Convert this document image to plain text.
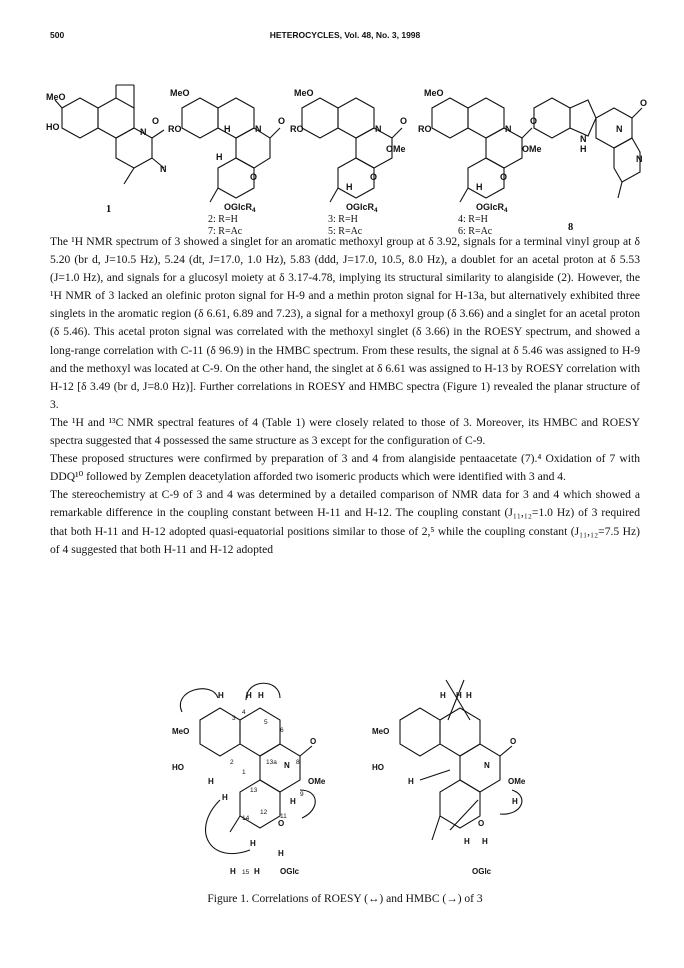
500	HETEROCYCLES, Vol. 48, No. 3, 1998
MeO
HO
O
N
N
1
MeO
RO	H	N
O
H
O
OGlcR$_4$
2: R=H
7: R=Ac
MeO
RO	N
O
OMe
H
O
OGlcR$_4$
3: R=H
5: R=Ac
MeO
RO	N
O
OMe
H
O
OGlcR$_4$
4: R=H
6: R=Ac
N
H
N
O
N
8

The ¹H NMR spectrum of 3 showed a singlet for an aromatic methoxyl group at δ 3.92, signals for a terminal vinyl group at δ 5.20 (br d, J=10.5 Hz), 5.24 (dt, J=17.0, 1.0 Hz), 5.83 (ddd, J=17.0, 10.5, 8.0 Hz), a doublet for an acetal proton at δ 5.53 (J=1.0 Hz), and signals for a glucosyl moiety at δ 3.17-4.78, implying its structural similarity to alangiside (2). However, the ¹H NMR of 3 lacked an olefinic proton signal for H-9 and a methin proton signal for H-13a, but alternatively exhibited three singlets in the aromatic region (δ 6.61, 6.89 and 7.23), a signal for a methoxyl group (δ 3.66) and a singlet for an acetal proton (δ 5.46). This acetal proton signal was correlated with the methoxyl singlet (δ 3.66) in the ROESY spectrum, and showed a long-range correlation with C-11 (δ 96.9) in the HMBC spectrum. From these results, the signal at δ 5.46 was assigned to H-9 and the methoxyl was located at C-9. On the other hand, the singlet at δ 6.61 was assigned to H-13 by ROESY correlation with H-12 [δ 3.49 (br d, J=8.0 Hz)]. Further correlations in ROESY and HMBC spectra (Figure 1) revealed the planar structure of 3.

The ¹H and ¹³C NMR spectral features of 4 (Table 1) were closely related to those of 3. Moreover, its HMBC and ROESY spectra suggested that 4 possessed the same structure as 3 except for the configuration of C-9.

These proposed structures were confirmed by preparation of 3 and 4 from alangiside pentaacetate (7).⁴ Oxidation of 7 with DDQ¹⁰ followed by Zemplen deacetylation afforded two isomeric products which were identified with 3 and 4.

The stereochemistry at C-9 of 3 and 4 was determined by a detailed comparison of NMR data for 3 and 4 which showed a remarkable difference in the coupling constant between H-11 and H-12. The coupling constant (J₁₁,₁₂=1.0 Hz) of 3 required that both H-11 and H-12 adopted quasi-equatorial positions similar to those of 2,⁵ while the coupling constant (J₁₁,₁₂=7.5 Hz) of 4 suggested that both H-11 and H-12 adopted

MeO
HO	N
O
OMe
O
OGlc
H	H H
H
H	H
H
H H
H
3
4
5
6
2
1
13a	8
13
9
12
11
14
15
MeO
HO	N
O
OMe
O
OGlc
H H H
H
H
H H
Figure 1. Correlations of ROESY (↔) and HMBC (→) of 3
